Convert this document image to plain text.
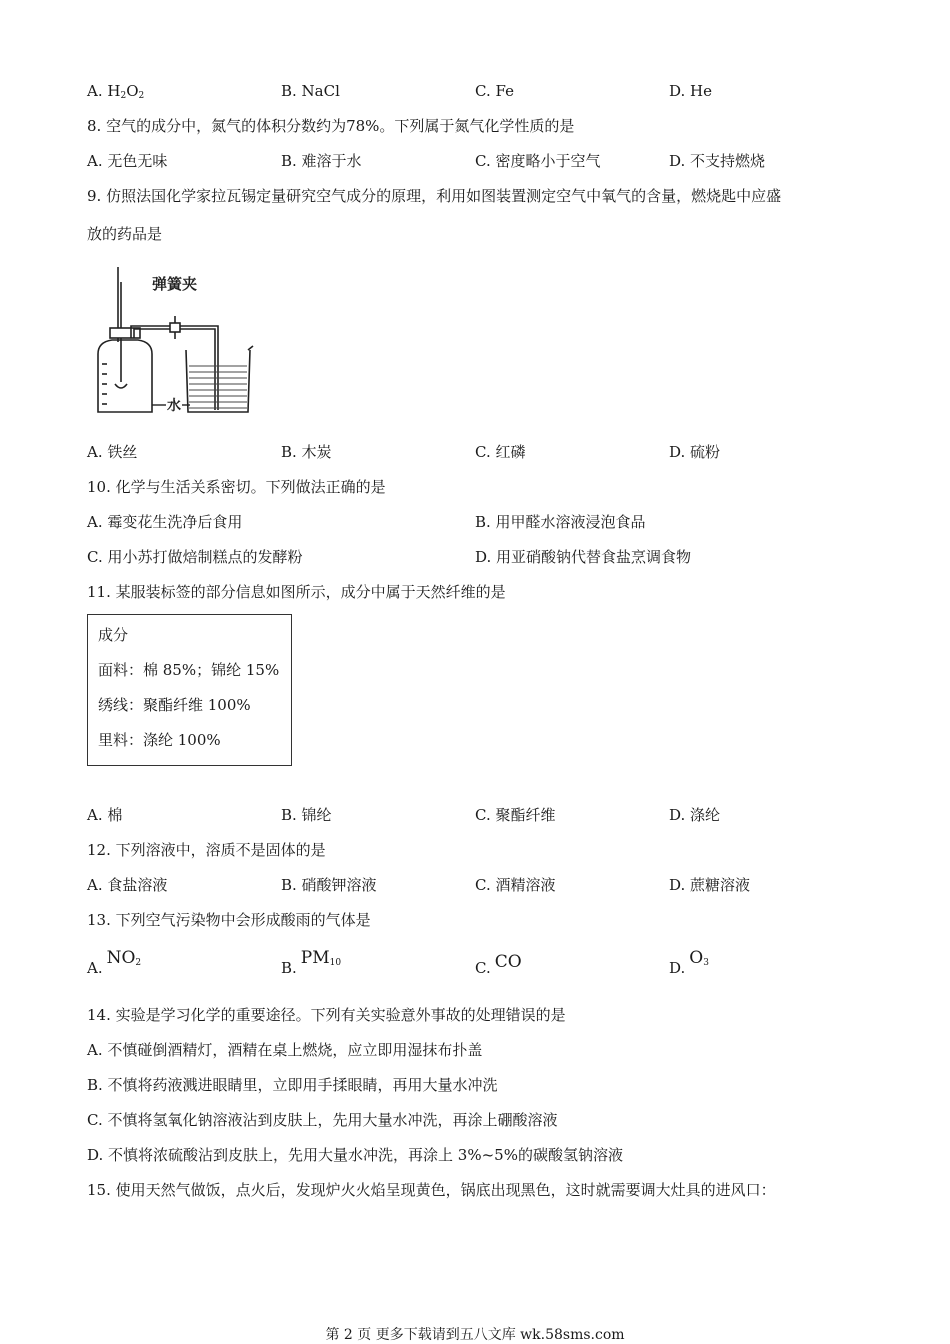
A. $H_2O_2$	B. NaCl	C. Fe	D. He
8. 空气的成分中，氮气的体积分数约为78%。下列属于氮气化学性质的是
A. 无色无味	B. 难溶于水	C. 密度略小于空气	D. 不支持燃烧
9. 仿照法国化学家拉瓦锡定量研究空气成分的原理，利用如图装置测定空气中氧气的含量，燃烧匙中应盛
放的药品是
弹簧夹
水
A. 铁丝	B. 木炭	C. 红磷	D. 硫粉
10. 化学与生活关系密切。下列做法正确的是
A. 霉变花生洗净后食用	B. 用甲醛水溶液浸泡食品
C. 用小苏打做焙制糕点的发酵粉	D. 用亚硝酸钠代替食盐烹调食物
11. 某服装标签的部分信息如图所示，成分中属于天然纤维的是
成分
面料：棉 85%；锦纶 15%
绣线：聚酯纤维 100%
里料：涤纶 100%
A. 棉	B. 锦纶	C. 聚酯纤维	D. 涤纶
12. 下列溶液中，溶质不是固体的是
A. 食盐溶液	B. 硝酸钾溶液	C. 酒精溶液	D. 蔗糖溶液
13. 下列空气污染物中会形成酸雨的气体是
A. $NO_2$	B. $PM_{10}$	C. CO	D. $O_3$
14. 实验是学习化学的重要途径。下列有关实验意外事故的处理错误的是
A. 不慎碰倒酒精灯，酒精在桌上燃烧，应立即用湿抹布扑盖
B. 不慎将药液溅进眼睛里，立即用手揉眼睛，再用大量水冲洗
C. 不慎将氢氧化钠溶液沾到皮肤上，先用大量水冲洗，再涂上硼酸溶液
D. 不慎将浓硫酸沾到皮肤上，先用大量水冲洗，再涂上 3%~5%的碳酸氢钠溶液
15. 使用天然气做饭，点火后，发现炉火火焰呈现黄色，锅底出现黑色，这时就需要调大灶具的进风口：
第 2 页 更多下载请到五八文库 wk.58sms.com
